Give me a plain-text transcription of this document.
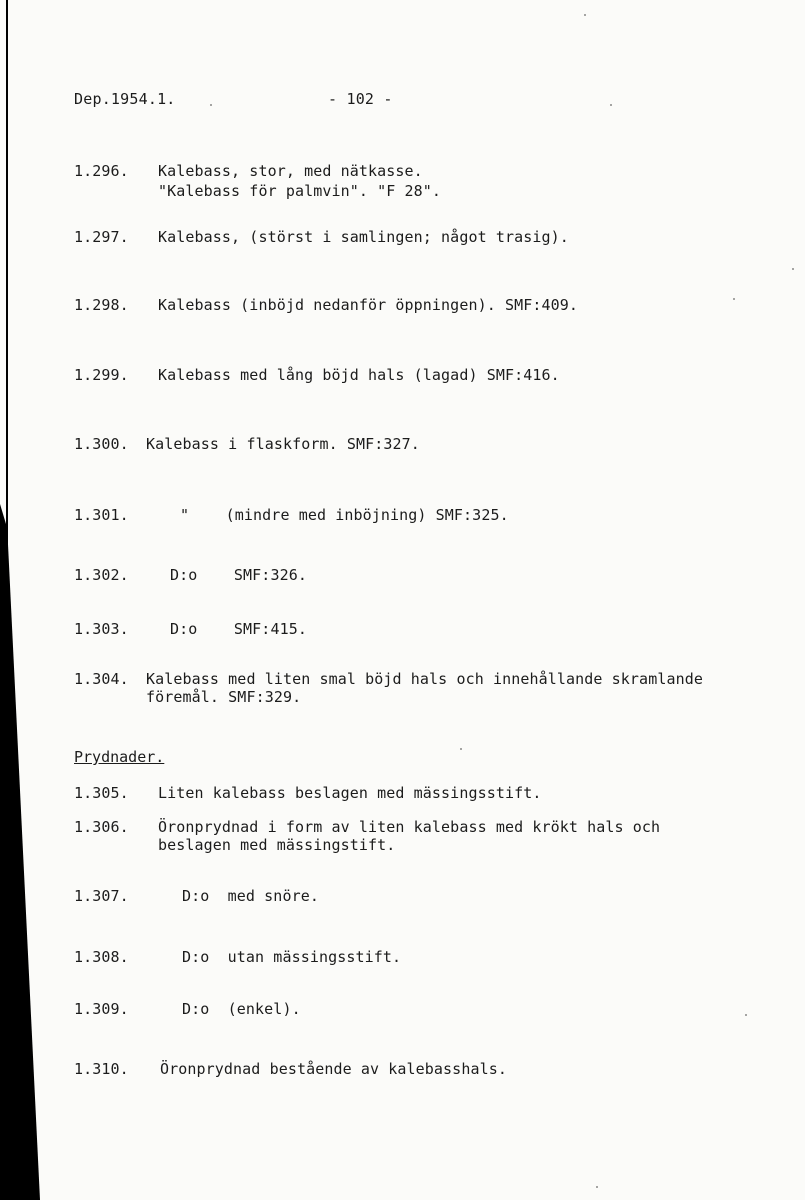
Dep.1954.1.	- 102 -
1.296. Kalebass, stor, med nätkasse.
"Kalebass för palmvin". "F 28".
1.297. Kalebass, (störst i samlingen; något trasig).
1.298. Kalebass (inböjd nedanför öppningen). SMF:409.
1.299. Kalebass med lång böjd hals (lagad) SMF:416.
1.300. Kalebass i flaskform. SMF:327.
1.301.	"    (mindre med inböjning) SMF:325.
1.302.	D:o    SMF:326.
1.303.	D:o    SMF:415.
1.304. Kalebass med liten smal böjd hals och innehållande skramlande
föremål. SMF:329.
Prydnader.
1.305. Liten kalebass beslagen med mässingsstift.
1.306. Öronprydnad i form av liten kalebass med krökt hals och
beslagen med mässingstift.
1.307.	D:o  med snöre.
1.308.	D:o  utan mässingsstift.
1.309.	D:o  (enkel).
1.310. Öronprydnad bestående av kalebasshals.
